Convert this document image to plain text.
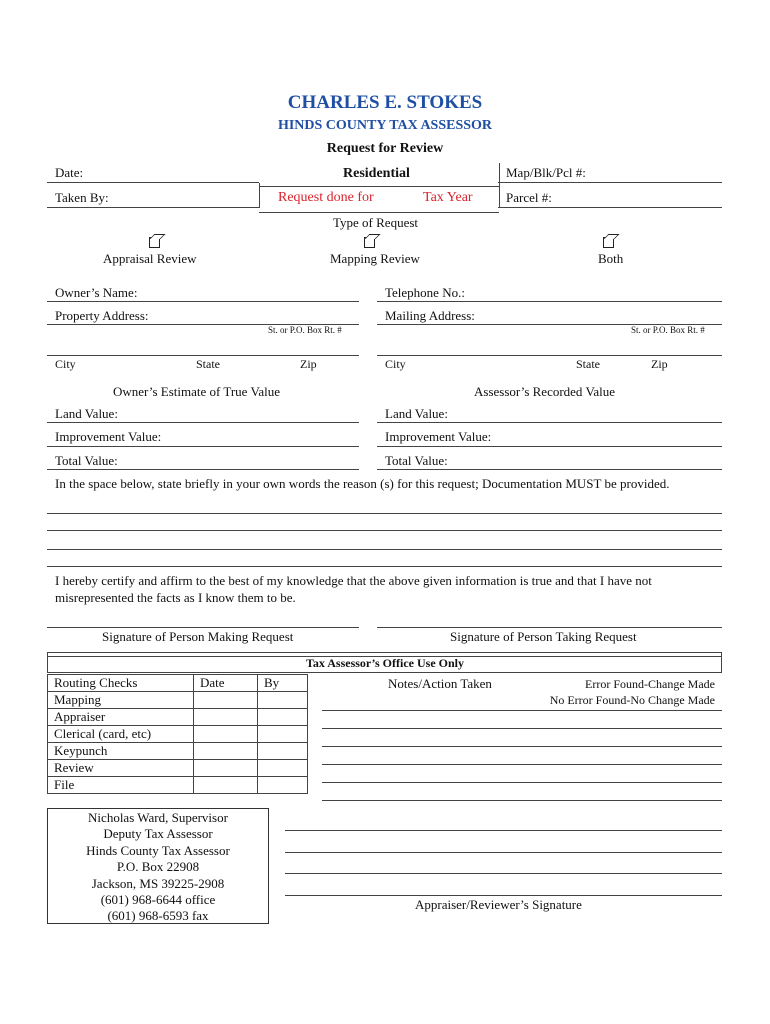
CHARLES E. STOKES
HINDS COUNTY TAX ASSESSOR
Request for Review
Date:	Residential	Map/Blk/Pcl #:
Taken By:	Request done for	Tax Year	Parcel #:
Type of Request
Appraisal Review	Mapping Review	Both
Owner’s Name:	Telephone No.:
Property Address:
St. or P.O. Box Rt. #
Mailing Address:
St. or P.O. Box Rt. #
City	State	Zip	City	State	Zip
Owner’s Estimate of True Value	Assessor’s Recorded Value
Land Value:	Land Value:
Improvement Value:	Improvement Value:
Total Value:	Total Value:
In the space below, state briefly in your own words the reason (s) for this request; Documentation MUST be provided.
I hereby certify and affirm to the best of my knowledge that the above given information is true and that I have not
misrepresented the facts as I know them to be.
Signature of Person Making Request	Signature of Person Taking Request
Tax Assessor’s Office Use Only
Routing Checks	Date	By
Mapping		
Appraiser		
Clerical (card, etc)		
Keypunch		
Review		
File		
Notes/Action Taken	Error Found-Change Made
No Error Found-No Change Made
Appraiser/Reviewer’s Signature
Nicholas Ward, Supervisor
Deputy Tax Assessor
Hinds County Tax Assessor
P.O. Box 22908
Jackson, MS 39225-2908
(601) 968-6644 office
(601) 968-6593 fax
